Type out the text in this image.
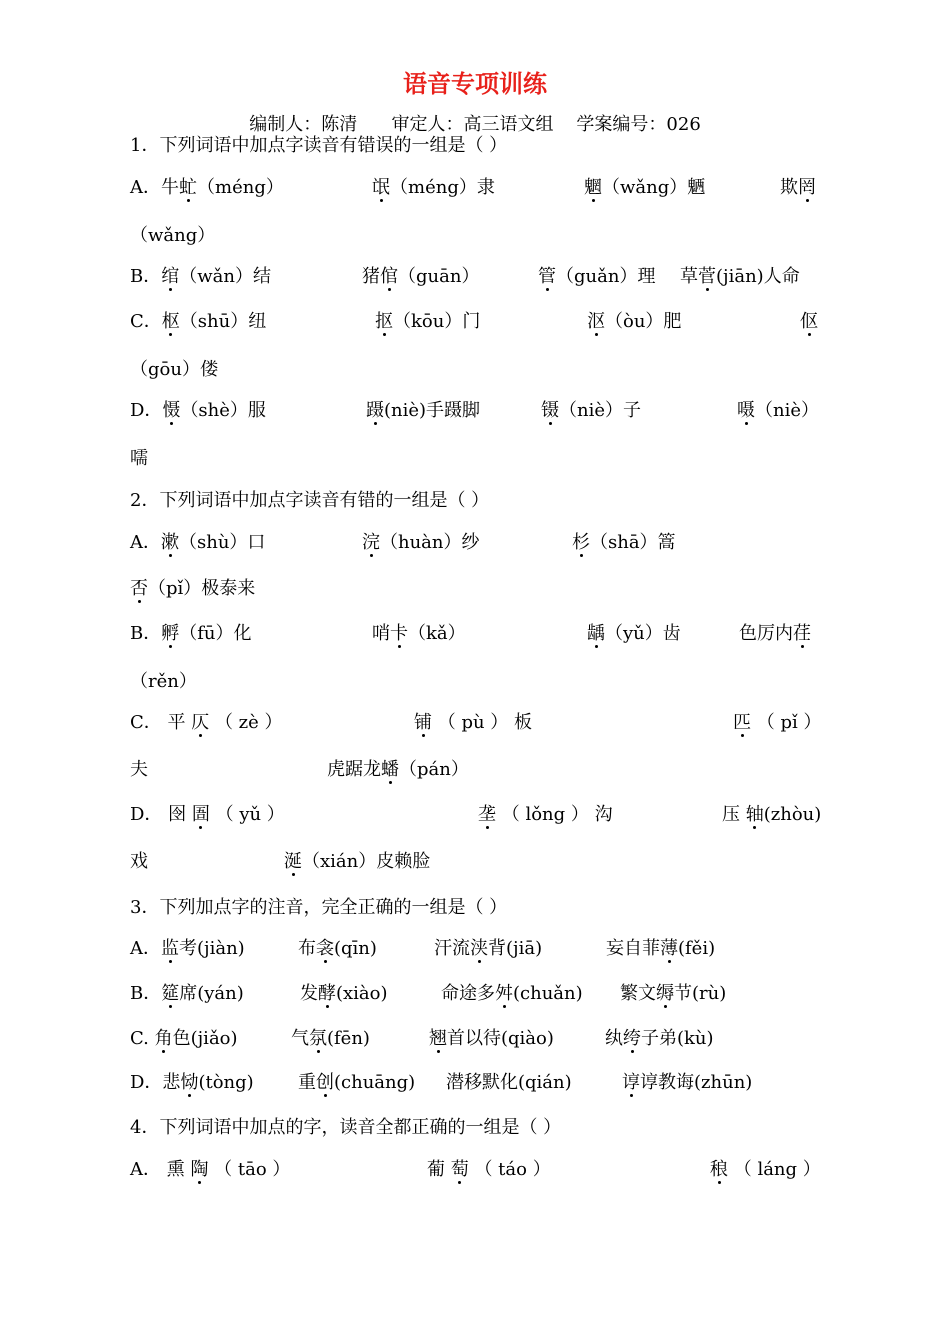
语音专项训练
编制人：陈清      审定人：高三语文组    学案编号：026
1．下列词语中加点字读音有错误的一组是（ ）
A．牛虻（méng）	氓（méng）隶	魍（wǎng）魉	欺罔
（wǎng）
B．绾（wǎn）结	猪倌（guān）	管（guǎn）理 草菅(jiān)人命
C．枢（shū）纽	抠（kōu）门	沤（òu）肥	伛
（gōu）偻
D．慑（shè）服	蹑(niè)手蹑脚	镊（niè）子	嗫（niè）
嚅
2．下列词语中加点字读音有错的一组是（ ）
A．漱（shù）口	浣（huàn）纱	杉（shā）篙
否（pǐ）极泰来
B．孵（fū）化	哨卡（kǎ）	龋（yǔ）齿	色厉内荏
（rěn）
C． 平 仄 （ zè ）	铺 （ pù ） 板	匹 （ pǐ ）
夫	虎踞龙蟠（pán）
D． 囹 圄 （ yǔ ）	垄 （ lǒng ） 沟	压 轴(zhòu)
戏	涎（xián）皮赖脸
3．下列加点字的注音，完全正确的一组是（ ）
A．监考(jiàn)	布衾(qīn)	汗流浃背(jiā)	妄自菲薄(fěi)
B．筵席(yán)	发酵(xiào)	命途多舛(chuǎn) 繁文缛节(rù)
C. 角色(jiǎo)	气氛(fēn)	翘首以待(qiào)	纨绔子弟(kù)
D．悲恸(tòng) 重创(chuāng) 潜移默化(qián)	谆谆教诲(zhūn)
4．下列词语中加点的字，读音全都正确的一组是（ ）
A． 熏 陶 （ tāo ）	葡 萄 （ táo ）	稂 （ láng ）
